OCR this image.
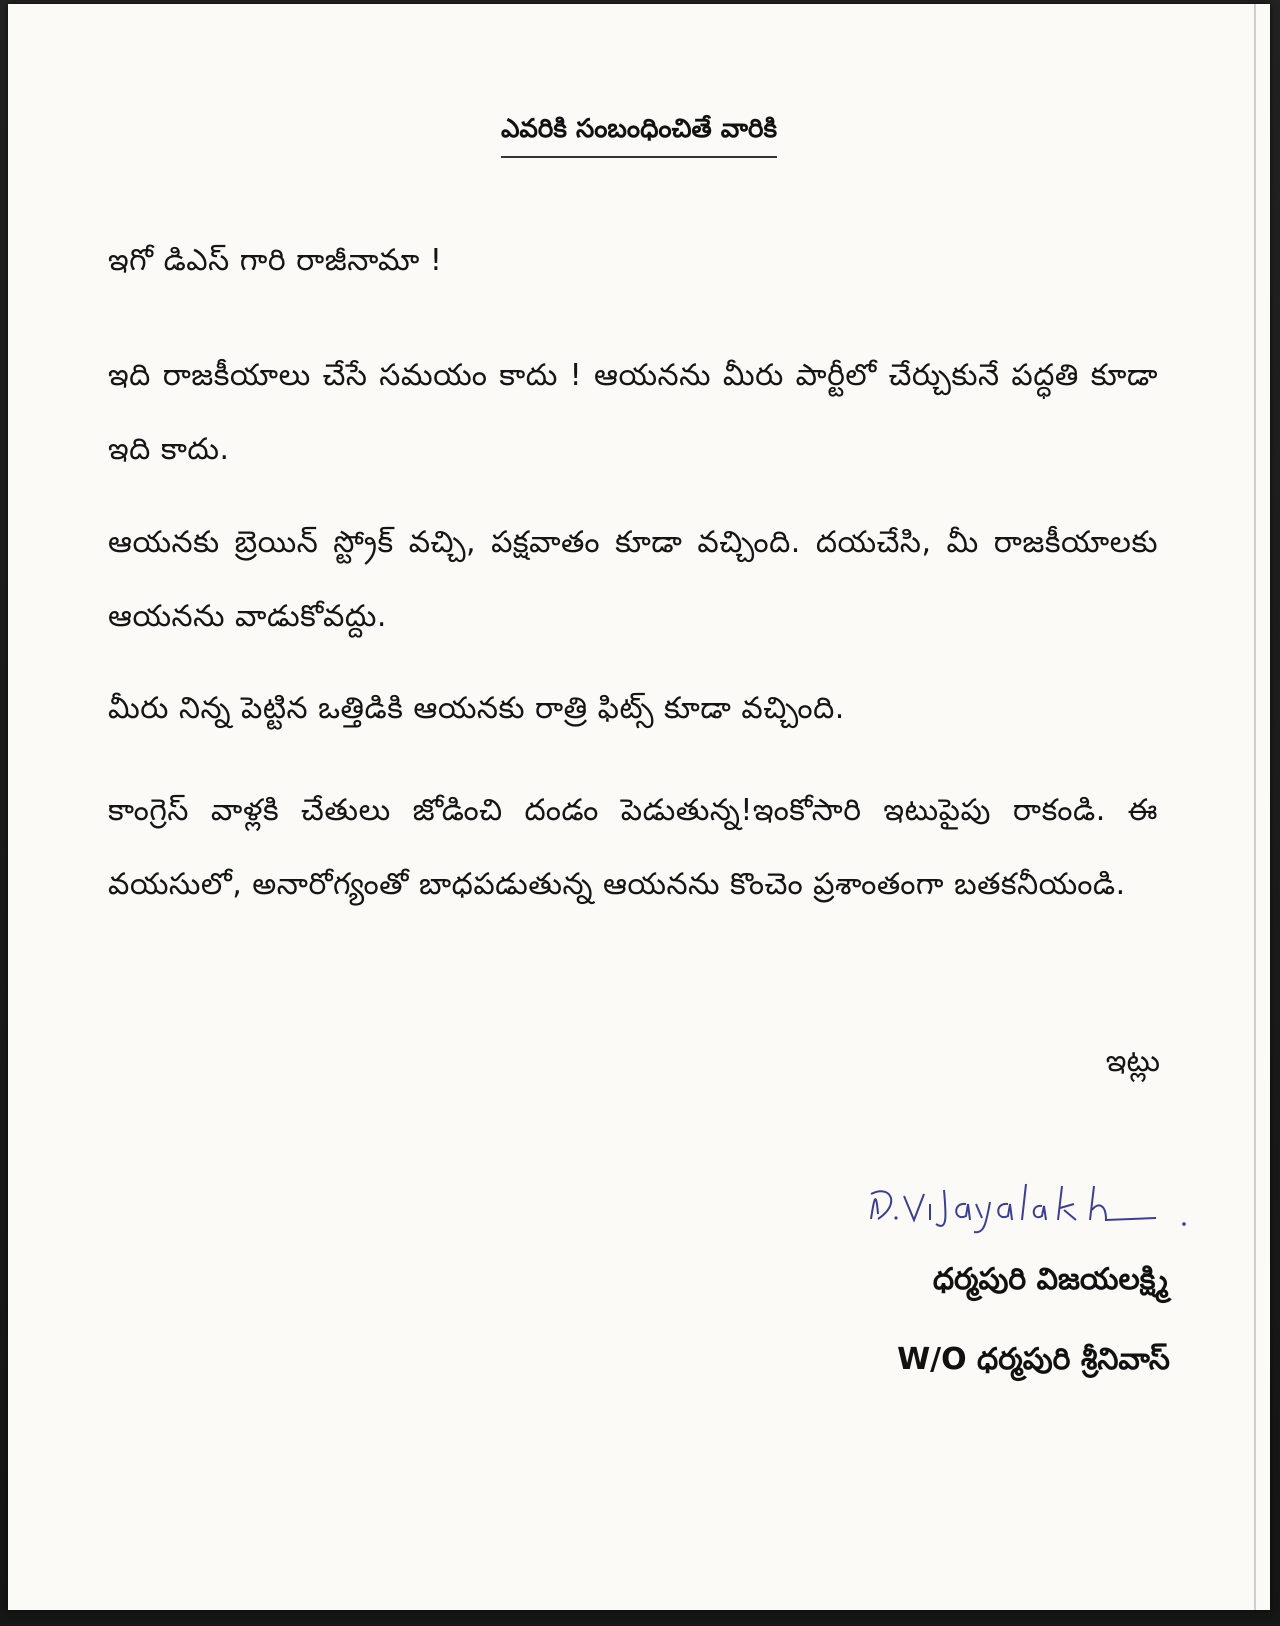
ఎవరికి సంబంధించితే వారికి
ఇగో డిఎస్ గారి రాజీనామా !
ఇది రాజకీయాలు చేసే సమయం కాదు ! ఆయనను మీరు పార్టీలో చేర్చుకునే పద్ధతి కూడా ఇది కాదు.
ఆయనకు బ్రెయిన్ స్ట్రోక్ వచ్చి, పక్షవాతం కూడా వచ్చింది. దయచేసి, మీ రాజకీయాలకు ఆయనను వాడుకోవద్దు.
మీరు నిన్న పెట్టిన ఒత్తిడికి ఆయనకు రాత్రి ఫిట్స్ కూడా వచ్చింది.
కాంగ్రెస్ వాళ్లకి చేతులు జోడించి దండం పెడుతున్న!ఇంకోసారి ఇటుపైపు రాకండి. ఈ వయసులో, అనారోగ్యంతో బాధపడుతున్న ఆయనను కొంచెం ప్రశాంతంగా బతకనీయండి.
ఇట్లు
ధర్మపురి విజయలక్ష్మి
W/O ధర్మపురి శ్రీనివాస్
